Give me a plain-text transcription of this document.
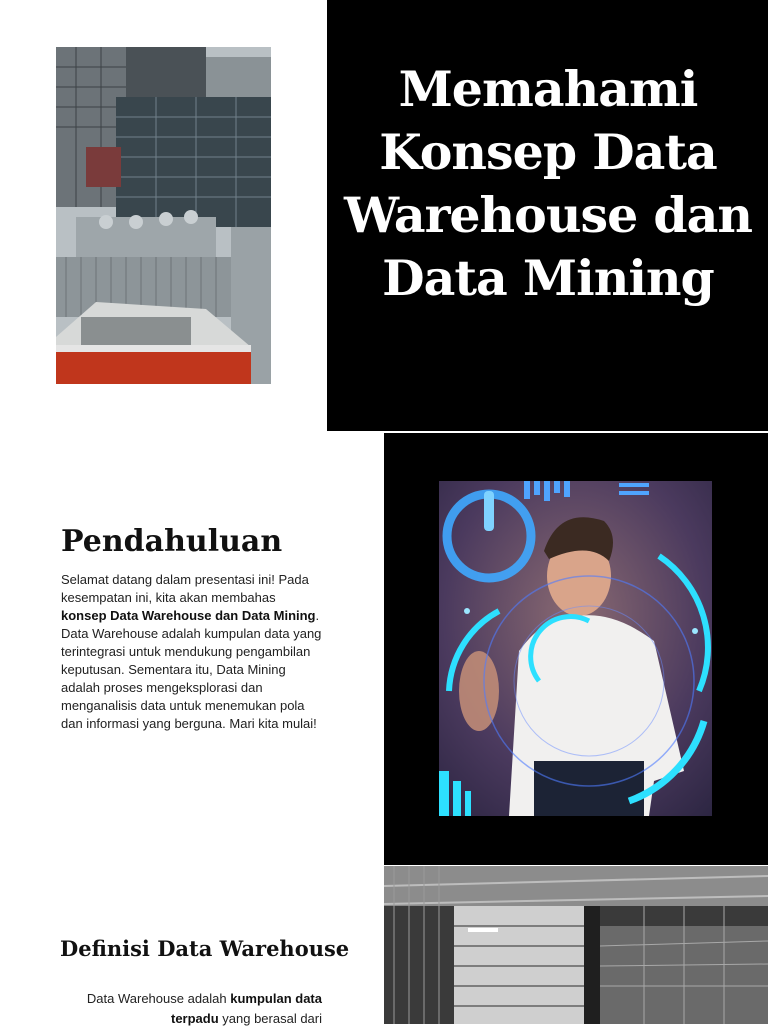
Memahami Konsep Data Warehouse dan Data Mining
Pendahuluan
Selamat datang dalam presentasi ini! Pada kesempatan ini, kita akan membahas konsep Data Warehouse dan Data Mining. Data Warehouse adalah kumpulan data yang terintegrasi untuk mendukung pengambilan keputusan. Sementara itu, Data Mining adalah proses mengeksplorasi dan menganalisis data untuk menemukan pola dan informasi yang berguna. Mari kita mulai!
Definisi Data Warehouse
Data Warehouse adalah kumpulan data terpadu yang berasal dari
